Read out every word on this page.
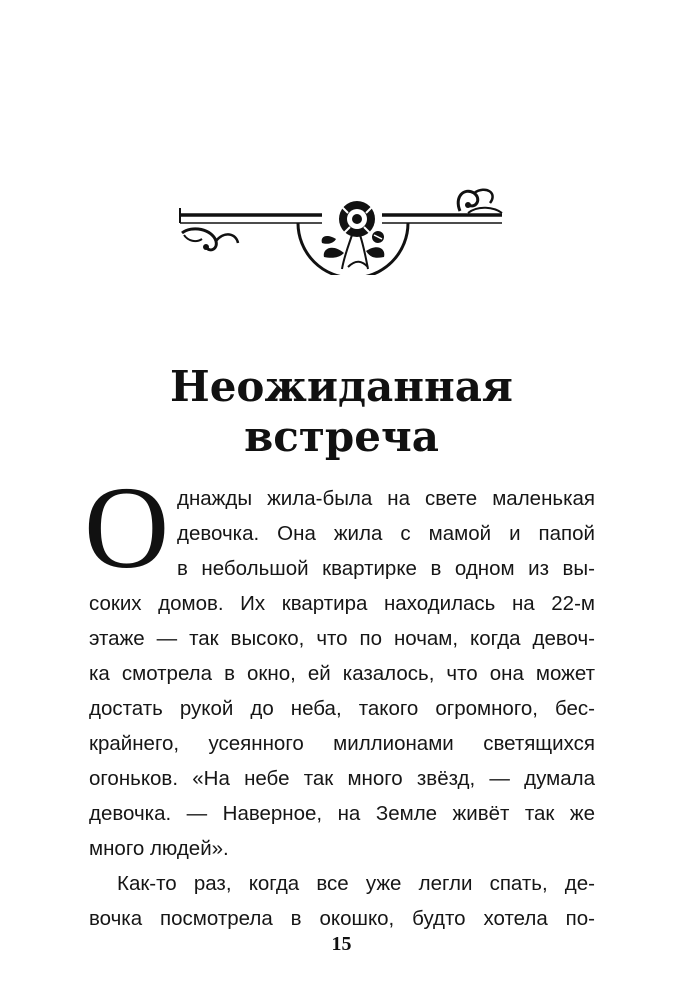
Неожиданная
встреча
О днажды жила-была на свете маленькая
девочка. Она жила с мамой и папой
в небольшой квартирке в одном из вы-
соких домов. Их квартира находилась на 22-м
этаже — так высоко, что по ночам, когда девоч-
ка смотрела в окно, ей казалось, что она может
достать рукой до неба, такого огромного, бес-
крайнего, усеянного миллионами светящихся
огоньков. «На небе так много звёзд, — думала
девочка. — Наверное, на Земле живёт так же
много людей».
Как-то раз, когда все уже легли спать, де-
вочка посмотрела в окошко, будто хотела по-
15
